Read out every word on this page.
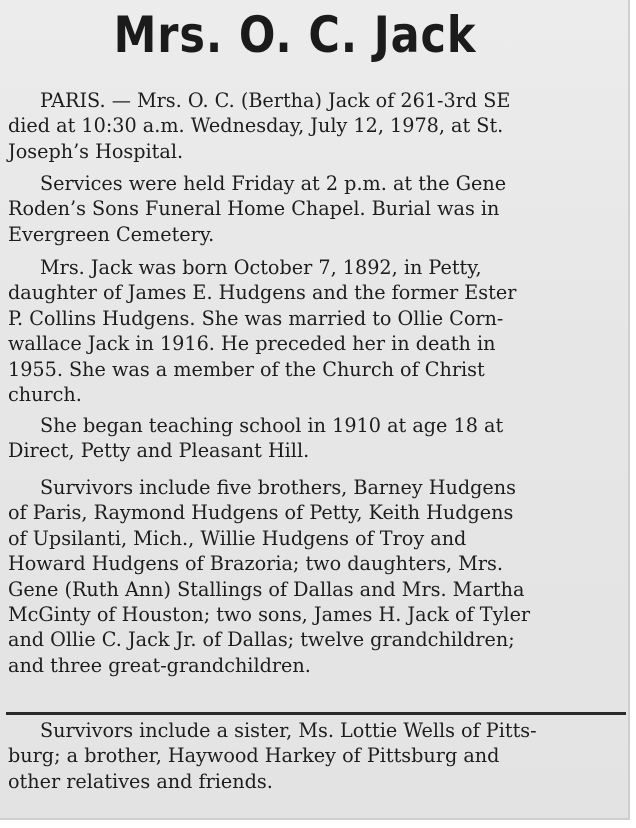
Mrs. O. C. Jack

PARIS. — Mrs. O. C. (Bertha) Jack of 261-3rd SE
died at 10:30 a.m. Wednesday, July 12, 1978, at St.
Joseph’s Hospital.

Services were held Friday at 2 p.m. at the Gene
Roden’s Sons Funeral Home Chapel. Burial was in
Evergreen Cemetery.

Mrs. Jack was born October 7, 1892, in Petty,
daughter of James E. Hudgens and the former Ester
P. Collins Hudgens. She was married to Ollie Corn-
wallace Jack in 1916. He preceded her in death in
1955. She was a member of the Church of Christ
church.

She began teaching school in 1910 at age 18 at
Direct, Petty and Pleasant Hill.

Survivors include five brothers, Barney Hudgens
of Paris, Raymond Hudgens of Petty, Keith Hudgens
of Upsilanti, Mich., Willie Hudgens of Troy and
Howard Hudgens of Brazoria; two daughters, Mrs.
Gene (Ruth Ann) Stallings of Dallas and Mrs. Martha
McGinty of Houston; two sons, James H. Jack of Tyler
and Ollie C. Jack Jr. of Dallas; twelve grandchildren;
and three great-grandchildren.

Survivors include a sister, Ms. Lottie Wells of Pitts-
burg; a brother, Haywood Harkey of Pittsburg and
other relatives and friends.
